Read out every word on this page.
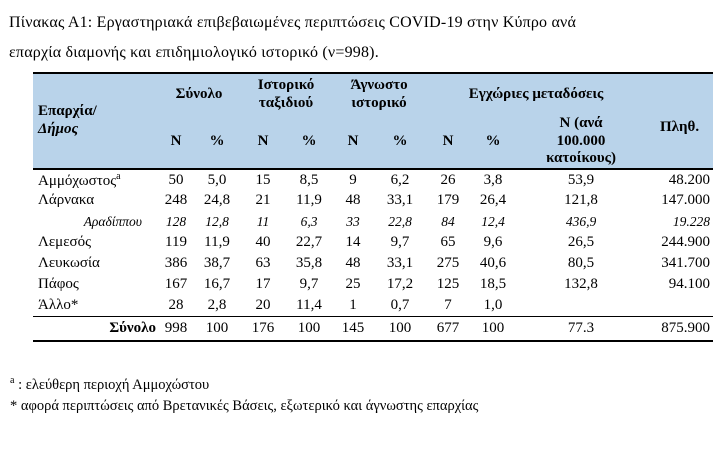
Πίνακας Α1: Εργαστηριακά επιβεβαιωμένες περιπτώσεις COVID-19 στην Κύπρο ανά
επαρχία διαμονής και επιδημιολογικό ιστορικό (ν=998).
Επαρχία/
Δήμος	Σύνολο		Ιστορικό ταξιδιού		Άγνωστο ιστορικό		Εγχώριες μεταδόσεις			Πληθ.
	N	%	N	%	N	%	N	%	N (ανά 100.000 κατοίκους)	

Αμμόχωστος$^a$	50	5,0	15	8,5	9	6,2	26	3,8	53,9	48.200
Λάρνακα	248	24,8	21	11,9	48	33,1	179	26,4	121,8	147.000
Αραδίππου	128	12,8	11	6,3	33	22,8	84	12,4	436,9	19.228
Λεμεσός	119	11,9	40	22,7	14	9,7	65	9,6	26,5	244.900
Λευκωσία	386	38,7	63	35,8	48	33,1	275	40,6	80,5	341.700
Πάφος	167	16,7	17	9,7	25	17,2	125	18,5	132,8	94.100
Άλλο*	28	2,8	20	11,4	1	0,7	7	1,0		
Σύνολο	998	100	176	100	145	100	677	100	77.3	875.900
$^a$ : ελεύθερη περιοχή Αμμοχώστου
* αφορά περιπτώσεις από Βρετανικές Βάσεις, εξωτερικό και άγνωστης επαρχίας
